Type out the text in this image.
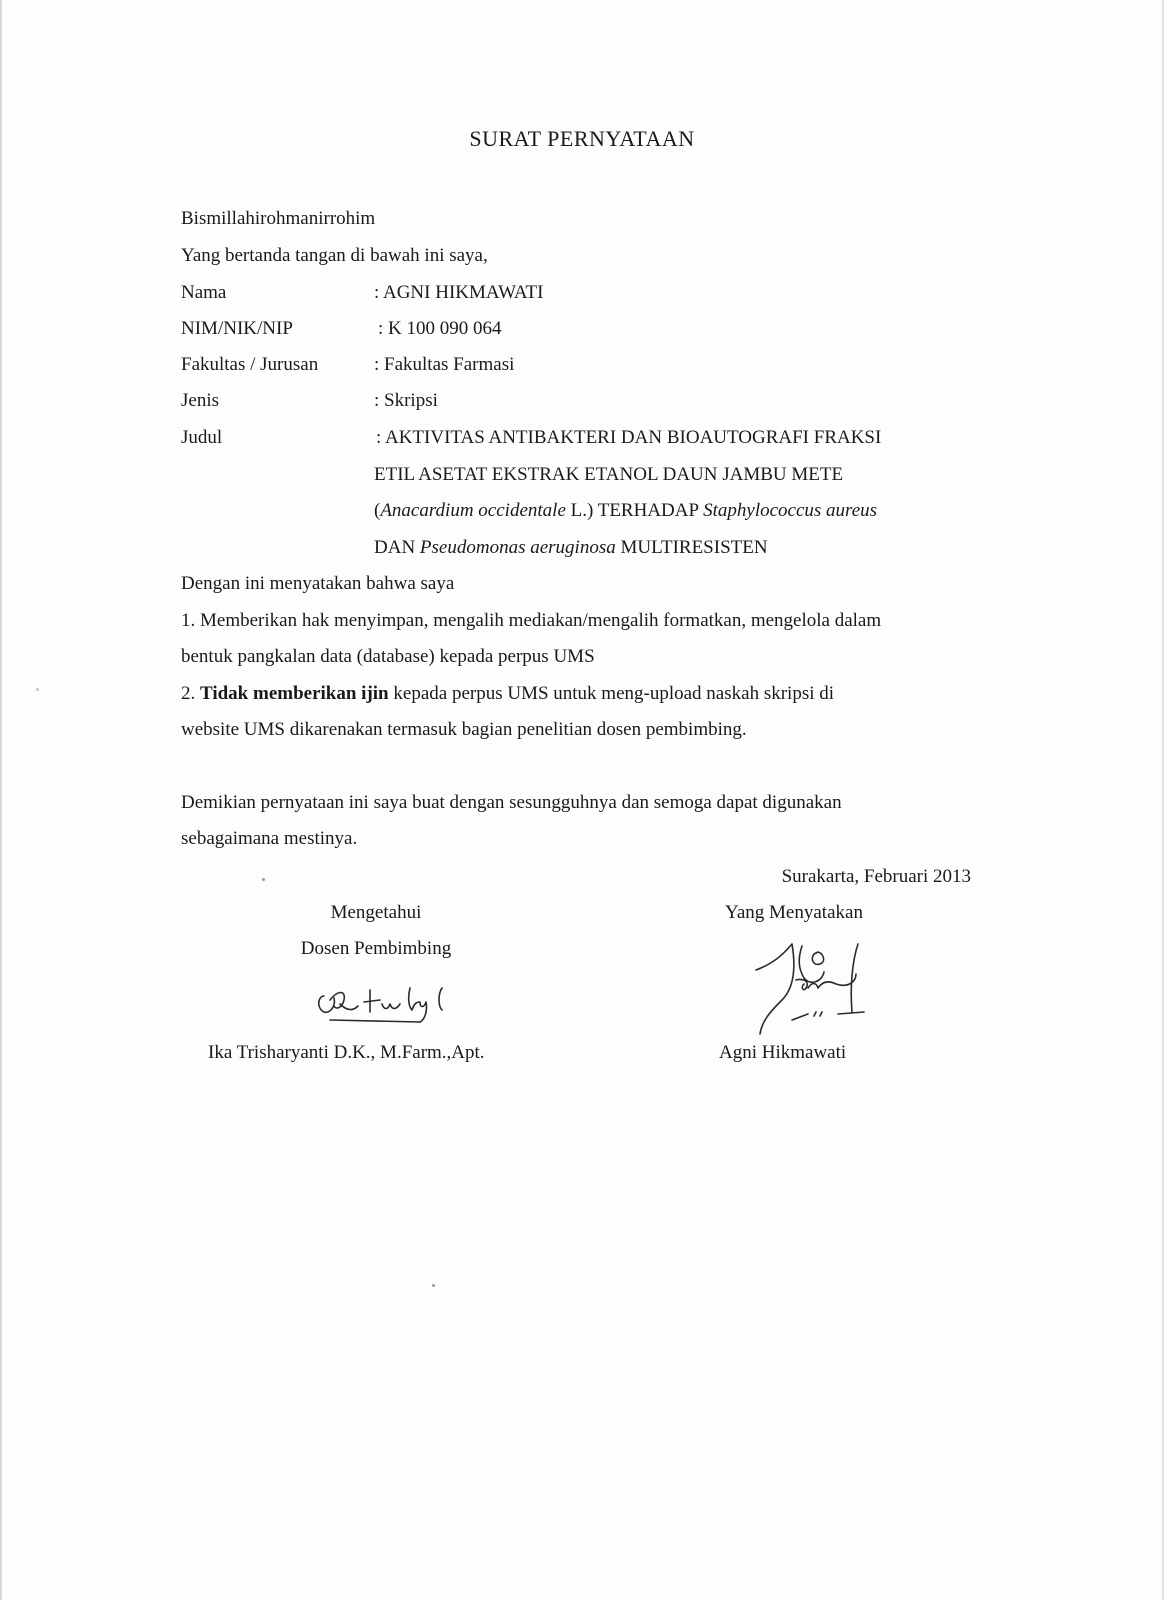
SURAT PERNYATAAN
Bismillahirohmanirrohim
Yang bertanda tangan di bawah ini saya,
Nama	: AGNI HIKMAWATI
NIM/NIK/NIP	: K 100 090 064
Fakultas / Jurusan	: Fakultas Farmasi
Jenis	: Skripsi
Judul	: AKTIVITAS ANTIBAKTERI DAN BIOAUTOGRAFI FRAKSI
ETIL ASETAT EKSTRAK ETANOL DAUN JAMBU METE
(Anacardium occidentale L.) TERHADAP Staphylococcus aureus
DAN Pseudomonas aeruginosa MULTIRESISTEN
Dengan ini menyatakan bahwa saya
1. Memberikan hak menyimpan, mengalih mediakan/mengalih formatkan, mengelola dalam
bentuk pangkalan data (database) kepada perpus UMS
2. Tidak memberikan ijin kepada perpus UMS untuk meng-upload naskah skripsi di
website UMS dikarenakan termasuk bagian penelitian dosen pembimbing.
Demikian pernyataan ini saya buat dengan sesungguhnya dan semoga dapat digunakan
sebagaimana mestinya.
Surakarta, Februari 2013
Mengetahui
Dosen Pembimbing
Yang Menyatakan
Ika Trisharyanti D.K., M.Farm.,Apt.	Agni Hikmawati
